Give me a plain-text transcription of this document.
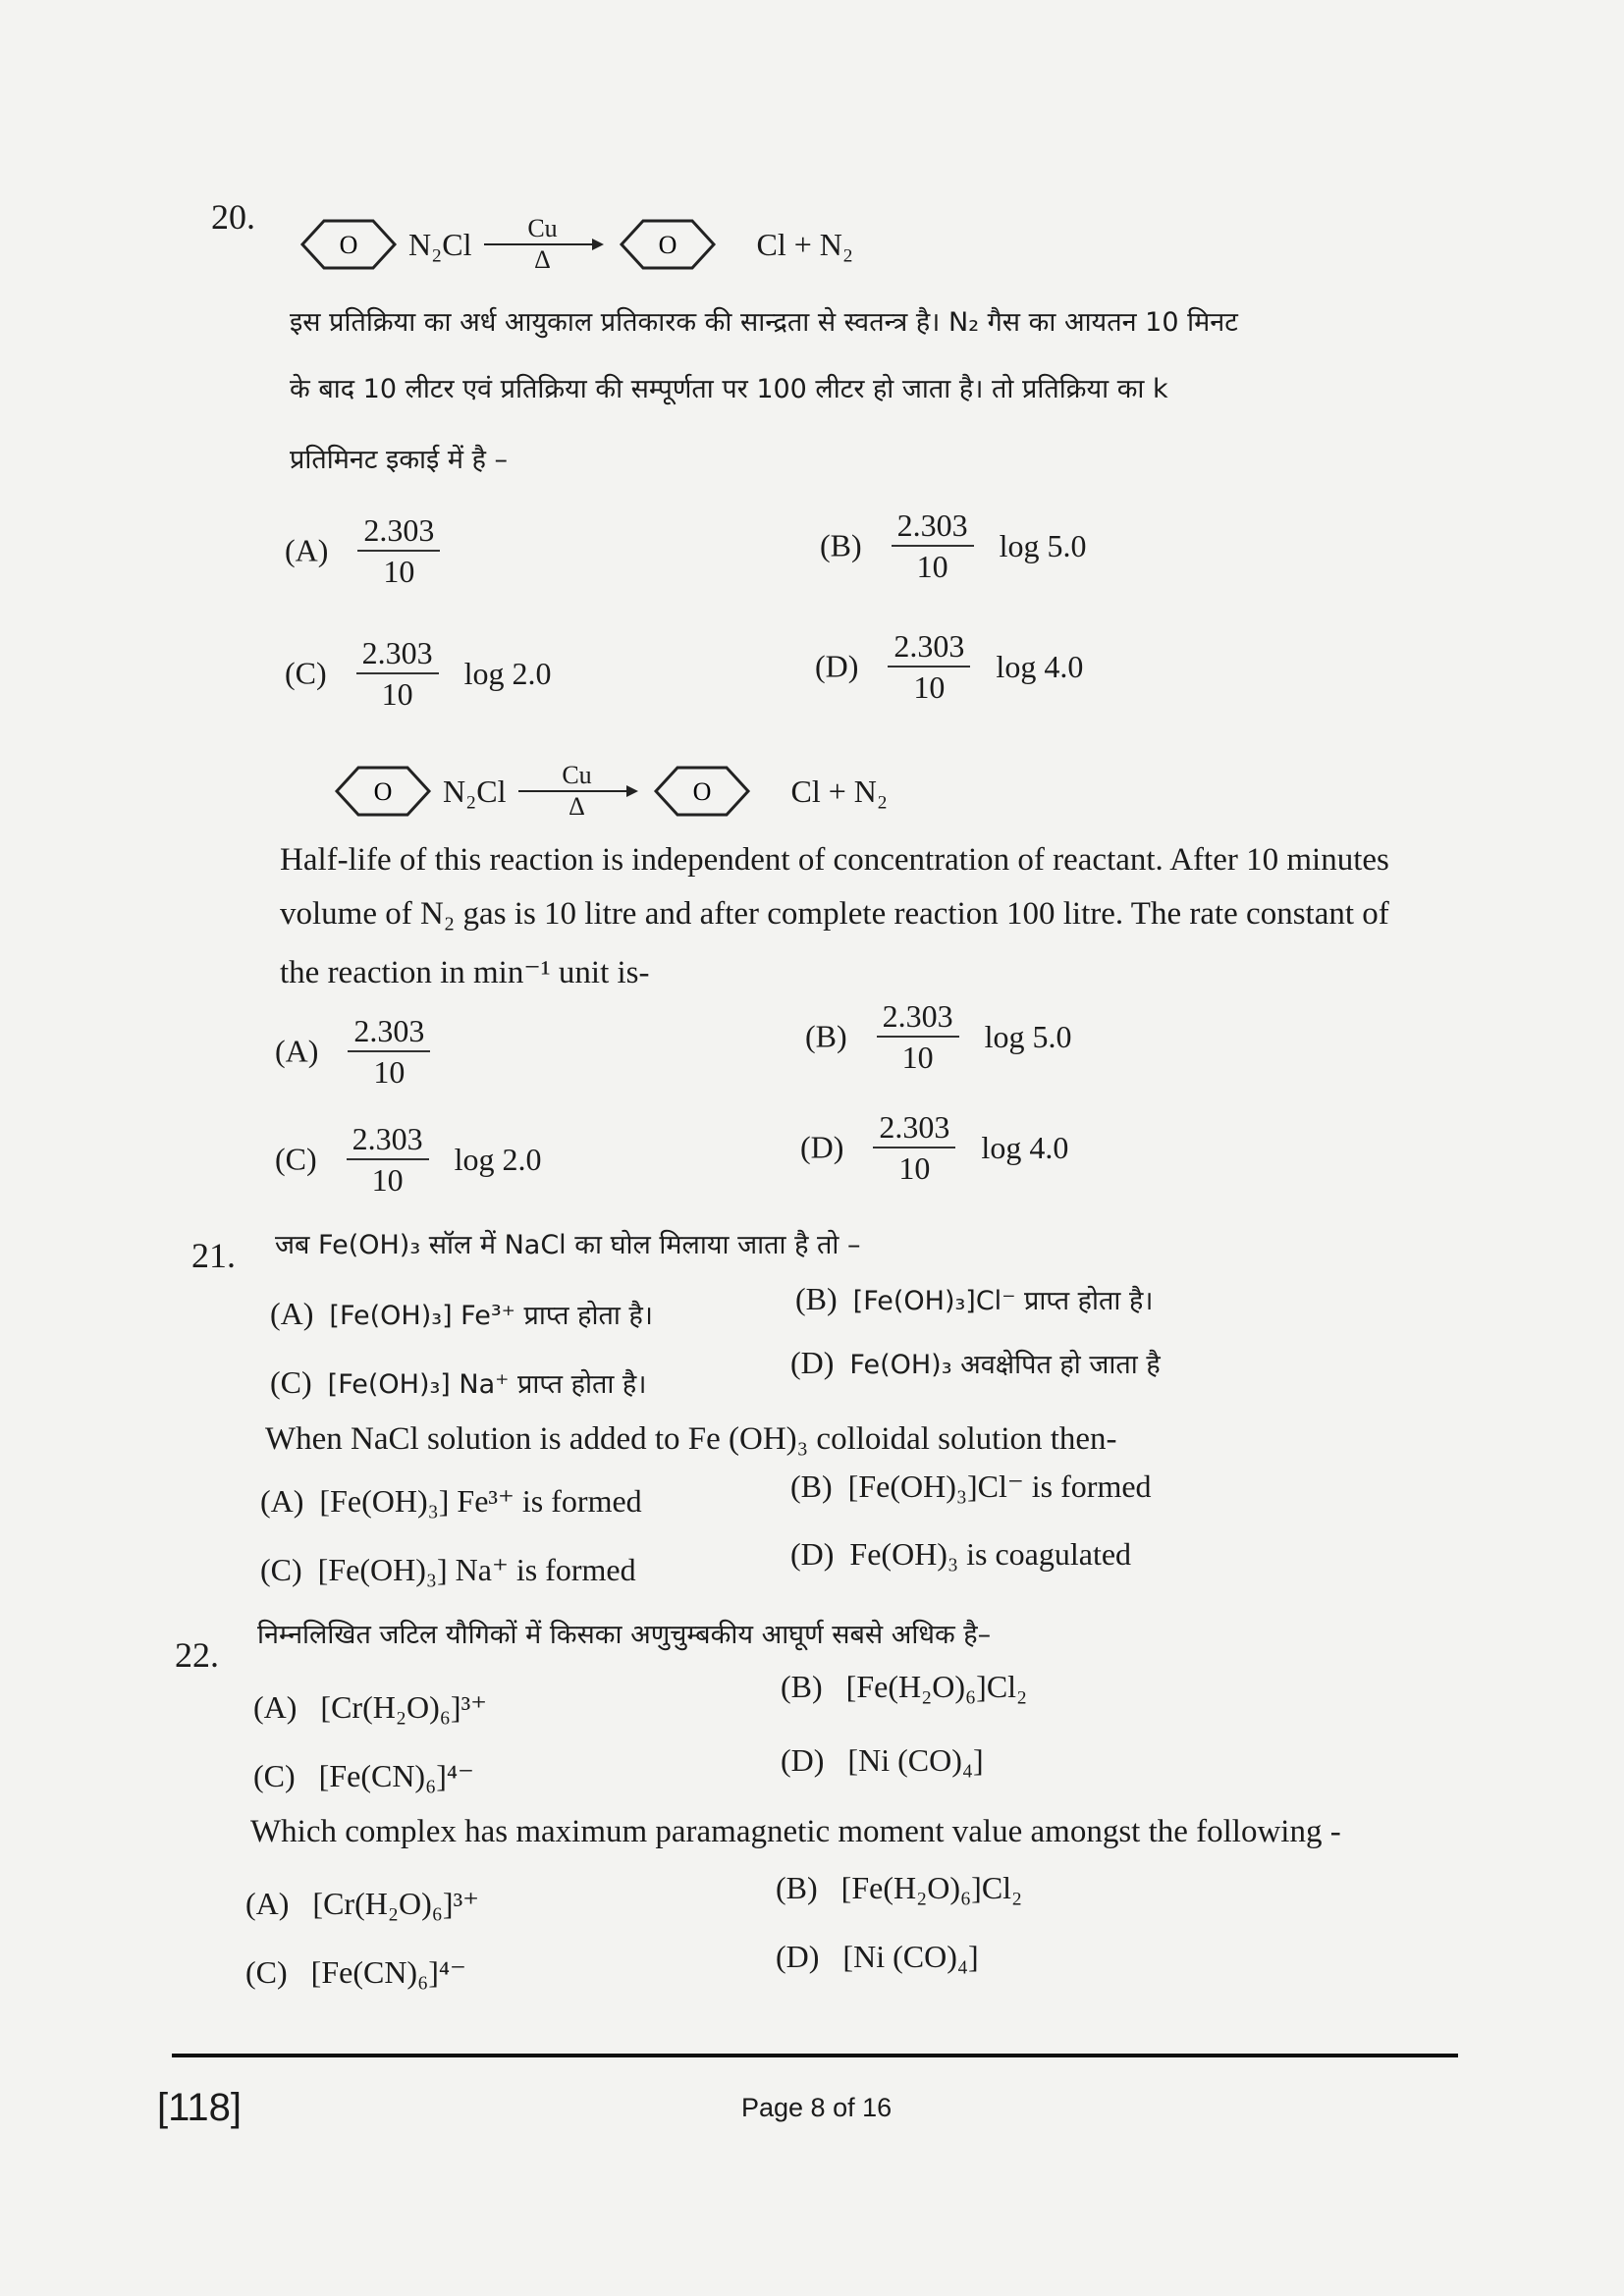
20.
O N₂Cl Cu
Δ
O	Cl + N₂
इस प्रतिक्रिया का अर्ध आयुकाल प्रतिकारक की सान्द्रता से स्वतन्त्र है। N₂ गैस का आयतन 10 मिनट
के बाद 10 लीटर एवं प्रतिक्रिया की सम्पूर्णता पर 100 लीटर हो जाता है। तो प्रतिक्रिया का k
प्रतिमिनट इकाई में है –
$(A) \frac{2.303}{10}$	$(B) \frac{2.303}{10}$ log 5.0
$(C) \frac{2.303}{10}$ log 2.0	$(D) \frac{2.303}{10}$ log 4.0
O N₂Cl Cu
Δ
O	Cl + N₂
Half-life of this reaction is independent of concentration of reactant. After 10 minutes
volume of N₂ gas is 10 litre and after complete reaction 100 litre. The rate constant of
the reaction in min⁻¹ unit is-
$(A) \frac{2.303}{10}$	$(B) \frac{2.303}{10}$ log 5.0
$(C) \frac{2.303}{10}$ log 2.0	$(D) \frac{2.303}{10}$ log 4.0
21. जब Fe(OH)₃ सॉल में NaCl का घोल मिलाया जाता है तो –
(A) [Fe(OH)₃] Fe³⁺ प्राप्त होता है।	(B) [Fe(OH)₃]Cl⁻ प्राप्त होता है।
(C) [Fe(OH)₃] Na⁺ प्राप्त होता है।
(D) Fe(OH)₃ अवक्षेपित हो जाता है
When NaCl solution is added to Fe (OH)₃ colloidal solution then-
(A) [Fe(OH)₃] Fe³⁺ is formed	(B) [Fe(OH)₃]Cl⁻ is formed
(C) [Fe(OH)₃] Na⁺ is formed	(D) Fe(OH)₃ is coagulated
22.
निम्नलिखित जटिल यौगिकों में किसका अणुचुम्बकीय आघूर्ण सबसे अधिक है–
(A) [Cr(H₂O)₆]³⁺
(B) [Fe(H₂O)₆]Cl₂
(C) [Fe(CN)₆]⁴⁻	(D) [Ni (CO)₄]
Which complex has maximum paramagnetic moment value amongst the following -
(A) [Cr(H₂O)₆]³⁺	(B) [Fe(H₂O)₆]Cl₂
(C) [Fe(CN)₆]⁴⁻	(D) [Ni (CO)₄]
[118]	Page 8 of 16
